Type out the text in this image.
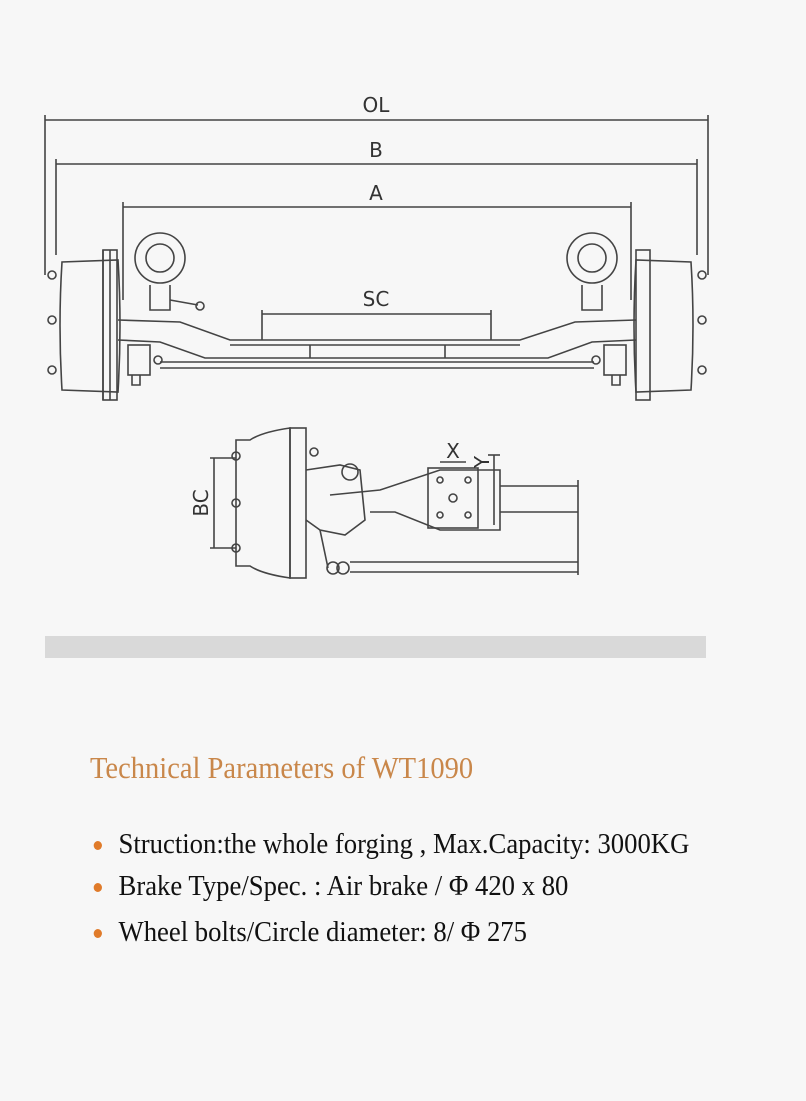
OL
B
A
SC
BC
X Y
Technical Parameters of WT1090
Struction:the whole forging , Max.Capacity: 3000KG
Brake Type/Spec. : Air brake / Φ 420 x 80
Wheel bolts/Circle diameter: 8/ Φ 275
